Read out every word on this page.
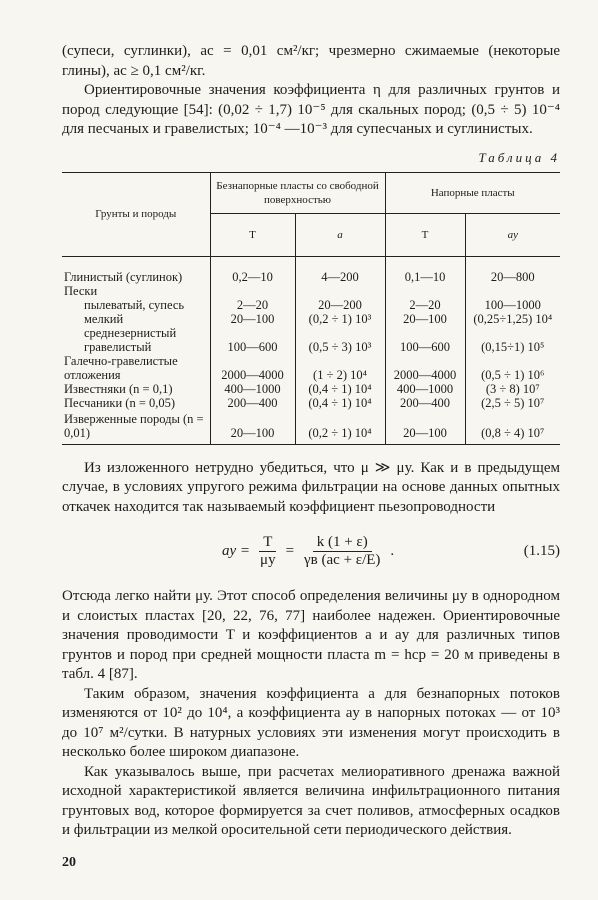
(супеси, суглинки), aс = 0,01 см²/кг; чрезмерно сжимаемые (некоторые глины), aс ≥ 0,1 см²/кг.

Ориентировочные значения коэффициента η для различных грунтов и пород следующие [54]: (0,02 ÷ 1,7) 10⁻⁵ для скальных пород; (0,5 ÷ 5) 10⁻⁴ для песчаных и гравелистых; 10⁻⁴ —10⁻³ для супесчаных и суглинистых.

Таблица 4
Грунты и породы	Безнапорные пласты со свободной поверхностью		Напорные пласты	
	T	a	T	aу
Глинистый (суглинок)	0,2—10	4—200	0,1—10	20—800
Пески				
пылеватый, супесь	2—20	20—200	2—20	100—1000
мелкий	20—100	(0,2 ÷ 1) 10³	20—100	(0,25÷1,25) 10⁴
среднезернистый гравелистый	100—600	(0,5 ÷ 3) 10³	100—600	(0,15÷1) 10⁵
Галечно-гравелистые отложения	2000—4000	(1 ÷ 2) 10⁴	2000—4000	(0,5 ÷ 1) 10⁶
Известняки (n = 0,1)	400—1000	(0,4 ÷ 1) 10⁴	400—1000	(3 ÷ 8) 10⁷
Песчаники (n = 0,05)	200—400	(0,4 ÷ 1) 10⁴	200—400	(2,5 ÷ 5) 10⁷
Изверженные породы (n = 0,01)	20—100	(0,2 ÷ 1) 10⁴	20—100	(0,8 ÷ 4) 10⁷

Из изложенного нетрудно убедиться, что μ ≫ μу. Как и в предыдущем случае, в условиях упругого режима фильтрации на основе данных опытных откачек находится так называемый коэффициент пьезопроводности

aу = $\frac{T}{\mu у} = \frac{k (1 + \varepsilon)}{\gamma в (aс + \varepsilon/E)}$ .	(1.15)

Отсюда легко найти μу. Этот способ определения величины μу в однородном и слоистых пластах [20, 22, 76, 77] наиболее надежен. Ориентировочные значения проводимости T и коэффициентов a и aу для различных типов грунтов и пород при средней мощности пласта m = hср = 20 м приведены в табл. 4 [87].

Таким образом, значения коэффициента a для безнапорных потоков изменяются от 10² до 10⁴, а коэффициента aу в напорных потоках — от 10³ до 10⁷ м²/сутки. В натурных условиях эти изменения могут происходить в несколько более широком диапазоне.

Как указывалось выше, при расчетах мелиоративного дренажа важной исходной характеристикой является величина инфильтрационного питания грунтовых вод, которое формируется за счет поливов, атмосферных осадков и фильтрации из мелкой оросительной сети периодического действия.

20
